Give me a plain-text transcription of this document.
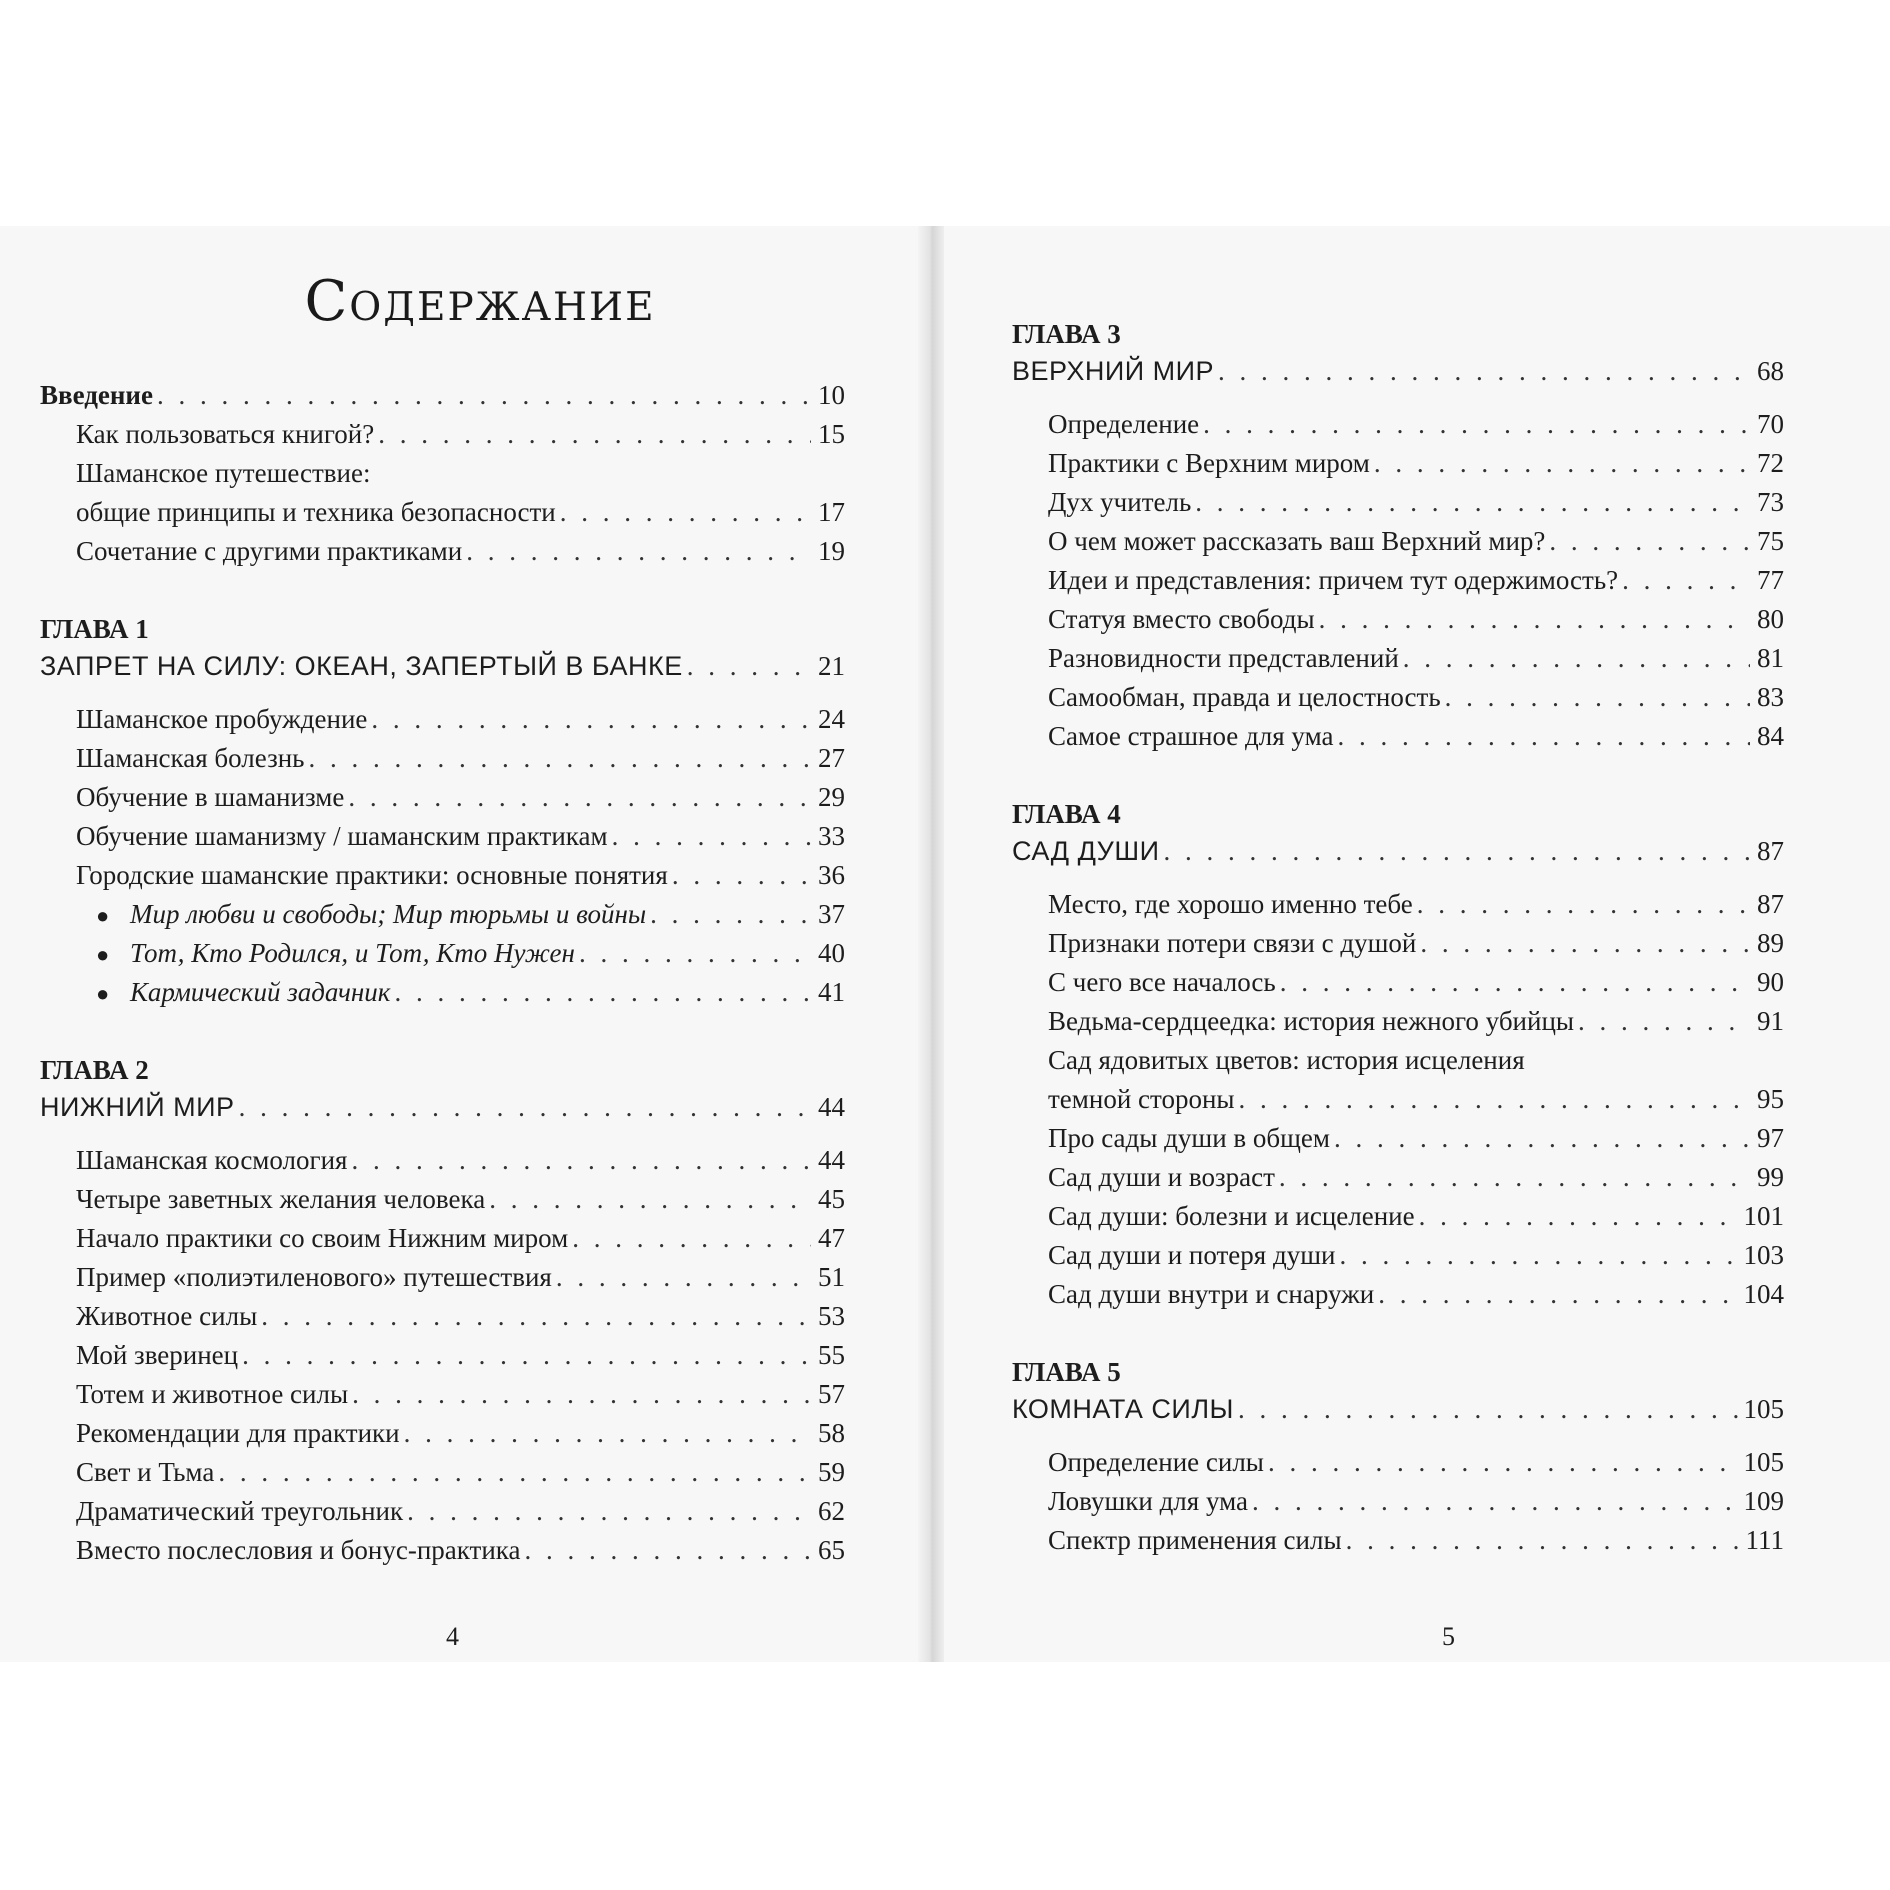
Содержание
Введение . . .	10
Как пользоваться книгой? . . .	15
Шаманское путешествие:
общие принципы и техника безопасности . . .	17
Сочетание с другими практиками . . .	19
ГЛАВА 1
ЗАПРЕТ НА СИЛУ: ОКЕАН, ЗАПЕРТЫЙ В БАНКЕ . . .	21
Шаманское пробуждение . . .	24
Шаманская болезнь . . .	27
Обучение в шаманизме . . .	29
Обучение шаманизму / шаманским практикам . . .	33
Городские шаманские практики: основные понятия . . .	36
● Мир любви и свободы; Мир тюрьмы и войны . . .	37
● Тот, Кто Родился, и Тот, Кто Нужен . . .	40
● Кармический задачник . . .	41
ГЛАВА 2
НИЖНИЙ МИР . . .	44
Шаманская космология . . .	44
Четыре заветных желания человека . . .	45
Начало практики со своим Нижним миром . . .	47
Пример «полиэтиленового» путешествия . . .	51
Животное силы . . .	53
Мой зверинец . . .	55
Тотем и животное силы . . .	57
Рекомендации для практики . . .	58
Свет и Тьма . . .	59
Драматический треугольник . . .	62
Вместо послесловия и бонус-практика . . .	65
4
ГЛАВА 3
ВЕРХНИЙ МИР . . .	68
Определение . . .	70
Практики с Верхним миром . . .	72
Дух учитель . . .	73
О чем может рассказать ваш Верхний мир? . . .	75
Идеи и представления: причем тут одержимость? . . .	77
Статуя вместо свободы . . .	80
Разновидности представлений . . .	81
Самообман, правда и целостность . . .	83
Самое страшное для ума . . .	84
ГЛАВА 4
САД ДУШИ . . .	87
Место, где хорошо именно тебе . . .	87
Признаки потери связи с душой . . .	89
С чего все началось . . .	90
Ведьма-сердцеедка: история нежного убийцы . . .	91
Сад ядовитых цветов: история исцеления
темной стороны . . .	95
Про сады души в общем . . .	97
Сад души и возраст . . .	99
Сад души: болезни и исцеление . . .	101
Сад души и потеря души . . .	103
Сад души внутри и снаружи . . .	104
ГЛАВА 5
КОМНАТА СИЛЫ . . .	105
Определение силы . . .	105
Ловушки для ума . . .	109
Спектр применения силы . . .	111
5
